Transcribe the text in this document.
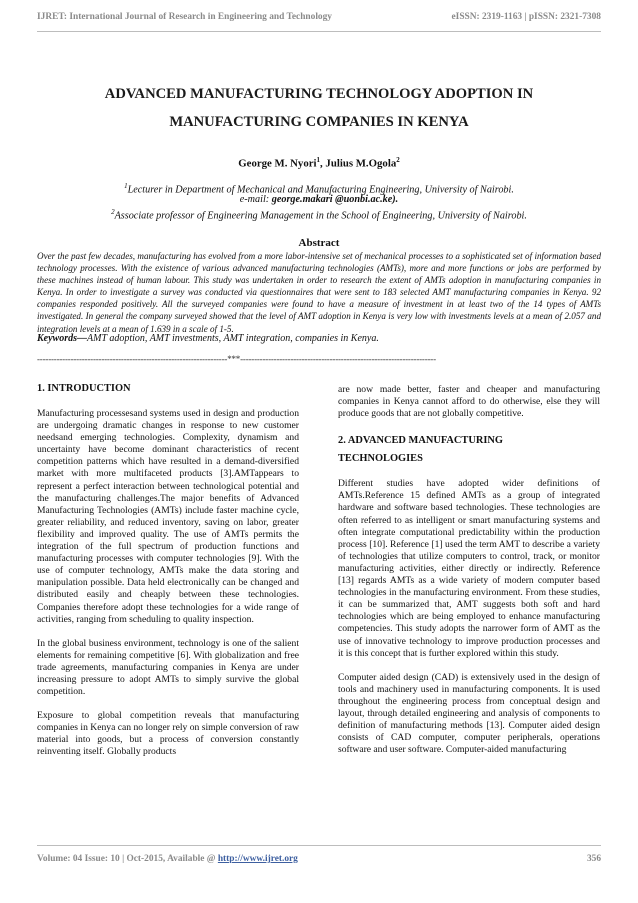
IJRET: International Journal of Research in Engineering and Technology	eISSN: 2319-1163 | pISSN: 2321-7308
ADVANCED MANUFACTURING TECHNOLOGY ADOPTION IN
MANUFACTURING COMPANIES IN KENYA
George M. Nyori$^1$, Julius M.Ogola$^2$
$^1$Lecturer in Department of Mechanical and Manufacturing Engineering, University of Nairobi.
e-mail: george.makari @uonbi.ac.ke).
$^2$Associate professor of Engineering Management in the School of Engineering, University of Nairobi.
Abstract
Over the past few decades, manufacturing has evolved from a more labor-intensive set of mechanical processes to a sophisticated set of information based technology processes. With the existence of various advanced manufacturing technologies (AMTs), more and more functions or jobs are performed by these machines instead of human labour. This study was undertaken in order to research the extent of AMTs adoption in manufacturing companies in Kenya. In order to investigate a survey was conducted via questionnaires that were sent to 183 selected AMT manufacturing companies in Kenya. 92 companies responded positively. All the surveyed companies were found to have a measure of investment in at least two of the 14 types of AMTs investigated. In general the company surveyed showed that the level of AMT adoption in Kenya is very low with investments levels at a mean of 2.057 and integration levels at a mean of 1.639 in a scale of 1-5.
Keywords—AMT adoption, AMT investments, AMT integration, companies in Kenya.
--------------------------------------------------------------------***----------------------------------------------------------------------
1. INTRODUCTION

Manufacturing processesand systems used in design and production are undergoing dramatic changes in response to new customer needsand emerging technologies. Complexity, dynamism and uncertainty have become dominant characteristics of recent competition patterns which have resulted in a demand-diversified market with more multifaceted products [3].AMTappears to represent a perfect interaction between technological potential and the manufacturing challenges.The major benefits of Advanced Manufacturing Technologies (AMTs) include faster machine cycle, greater reliability, and reduced inventory, saving on labor, greater flexibility and improved quality. The use of AMTs permits the integration of the full spectrum of production functions and manufacturing processes with computer technologies [9]. With the use of computer technology, AMTs make the data storing and manipulation possible. Data held electronically can be changed and distributed easily and cheaply between these technologies. Companies therefore adopt these technologies for a wide range of activities, ranging from scheduling to quality inspection.

In the global business environment, technology is one of the salient elements for remaining competitive [6]. With globalization and free trade agreements, manufacturing companies in Kenya are under increasing pressure to adopt AMTs to simply survive the global competition.

Exposure to global competition reveals that manufacturing companies in Kenya can no longer rely on simple conversion of raw material into goods, but a process of conversion constantly reinventing itself. Globally products

are now made better, faster and cheaper and manufacturing companies in Kenya cannot afford to do otherwise, else they will produce goods that are not globally competitive.

2. ADVANCED MANUFACTURING
TECHNOLOGIES

Different studies have adopted wider definitions of AMTs.Reference 15 defined AMTs as a group of integrated hardware and software based technologies. These technologies are often referred to as intelligent or smart manufacturing systems and often integrate computational predictability within the production process [10]. Reference [1] used the term AMT to describe a variety of technologies that utilize computers to control, track, or monitor manufacturing activities, either directly or indirectly. Reference [13] regards AMTs as a wide variety of modern computer based technologies in the manufacturing environment. From these studies, it can be summarized that, AMT suggests both soft and hard technologies which are being employed to enhance manufacturing competencies. This study adopts the narrower form of AMT as the use of innovative technology to improve production processes and it is this concept that is further explored within this study.

Computer aided design (CAD) is extensively used in the design of tools and machinery used in manufacturing components. It is used throughout the engineering process from conceptual design and layout, through detailed engineering and analysis of components to definition of manufacturing methods [13]. Computer aided design consists of CAD computer, computer peripherals, operations software and user software. Computer-aided manufacturing

Volume: 04 Issue: 10 | Oct-2015, Available @ http://www.ijret.org	356
